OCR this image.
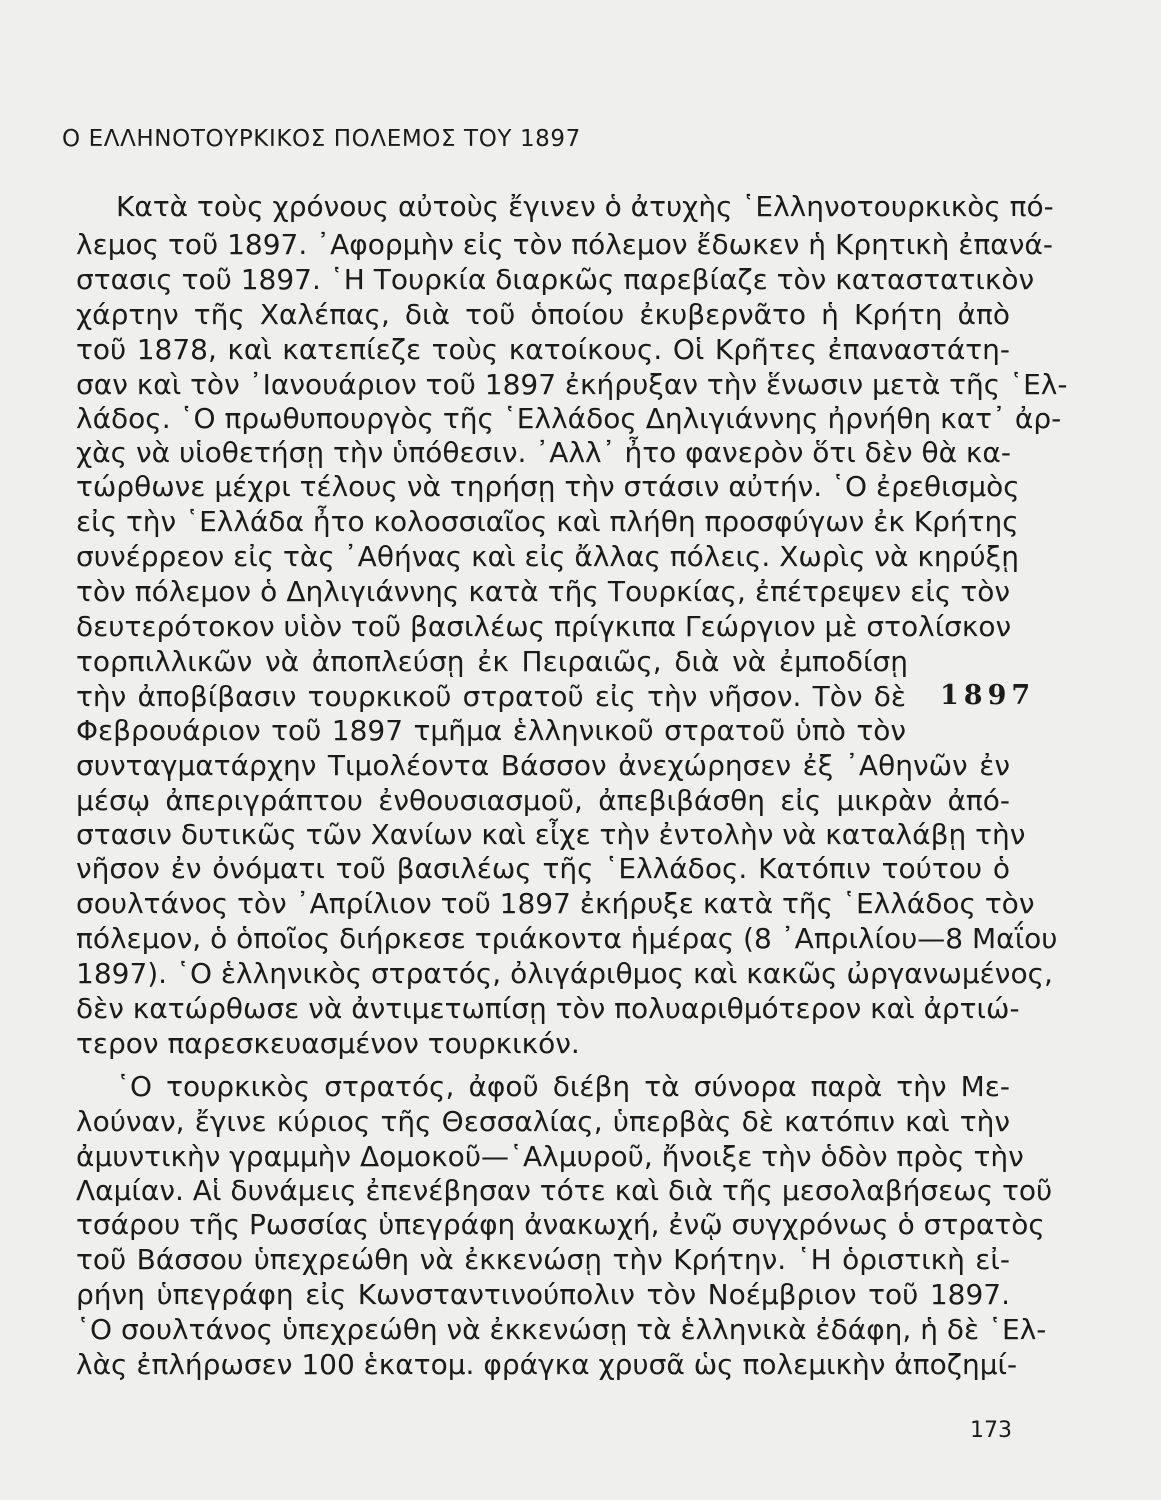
Ο ΕΛΛΗΝΟΤΟΥΡΚΙΚΟΣ ΠΟΛΕΜΟΣ ΤΟΥ 1897
Κατὰ τοὺς χρόνους αὐτοὺς ἔγινεν ὁ ἀτυχὴς ῾Ελληνοτουρκικὸς πό-
λεμος τοῦ 1897. ᾿Αφορμὴν εἰς τὸν πόλεμον ἔδωκεν ἡ Κρητικὴ ἐπανά-
στασις τοῦ 1897. ῾Η Τουρκία διαρκῶς παρεβίαζε τὸν καταστατικὸν
χάρτην τῆς Χαλέπας, διὰ τοῦ ὁποίου ἐκυβερνᾶτο ἡ Κρήτη ἀπὸ
τοῦ 1878, καὶ κατεπίεζε τοὺς κατοίκους. Οἱ Κρῆτες ἐπαναστάτη-
σαν καὶ τὸν ᾿Ιανουάριον τοῦ 1897 ἐκήρυξαν τὴν ἕνωσιν μετὰ τῆς ῾Ελ-
λάδος. ῾Ο πρωθυπουργὸς τῆς ῾Ελλάδος Δηλιγιάννης ἠρνήθη κατ᾿ ἀρ-
χὰς νὰ υἱοθετήσῃ τὴν ὑπόθεσιν. ᾿Αλλ᾿ ἦτο φανερὸν ὅτι δὲν θὰ κα-
τώρθωνε μέχρι τέλους νὰ τηρήσῃ τὴν στάσιν αὐτήν. ῾Ο ἐρεθισμὸς
εἰς τὴν ῾Ελλάδα ἦτο κολοσσιαῖος καὶ πλήθη προσφύγων ἐκ Κρήτης
συνέρρεον εἰς τὰς ᾿Αθήνας καὶ εἰς ἄλλας πόλεις. Χωρὶς νὰ κηρύξῃ
τὸν πόλεμον ὁ Δηλιγιάννης κατὰ τῆς Τουρκίας, ἐπέτρεψεν εἰς τὸν
δευτερότοκον υἱὸν τοῦ βασιλέως πρίγκιπα Γεώργιον μὲ στολίσκον
τορπιλλικῶν νὰ ἀποπλεύσῃ ἐκ Πειραιῶς, διὰ νὰ ἐμποδίσῃ
τὴν ἀποβίβασιν τουρκικοῦ στρατοῦ εἰς τὴν νῆσον. Τὸν δὲ
Φεβρουάριον τοῦ 1897 τμῆμα ἑλληνικοῦ στρατοῦ ὑπὸ τὸν
συνταγματάρχην Τιμολέοντα Βάσσον ἀνεχώρησεν ἐξ ᾿Αθηνῶν ἐν
μέσῳ ἀπεριγράπτου ἐνθουσιασμοῦ, ἀπεβιβάσθη εἰς μικρὰν ἀπό-
στασιν δυτικῶς τῶν Χανίων καὶ εἶχε τὴν ἐντολὴν νὰ καταλάβῃ τὴν
νῆσον ἐν ὀνόματι τοῦ βασιλέως τῆς ῾Ελλάδος. Κατόπιν τούτου ὁ
σουλτάνος τὸν ᾿Απρίλιον τοῦ 1897 ἐκήρυξε κατὰ τῆς ῾Ελλάδος τὸν
πόλεμον, ὁ ὁποῖος διήρκεσε τριάκοντα ἡμέρας (8 ᾿Απριλίου—8 Μαΐου
1897). ῾Ο ἑλληνικὸς στρατός, ὀλιγάριθμος καὶ κακῶς ὠργανωμένος,
δὲν κατώρθωσε νὰ ἀντιμετωπίσῃ τὸν πολυαριθμότερον καὶ ἀρτιώ-
τερον παρεσκευασμένον τουρκικόν.
῾Ο τουρκικὸς στρατός, ἀφοῦ διέβη τὰ σύνορα παρὰ τὴν Με-
λούναν, ἔγινε κύριος τῆς Θεσσαλίας, ὑπερβὰς δὲ κατόπιν καὶ τὴν
ἀμυντικὴν γραμμὴν Δομοκοῦ—῾Αλμυροῦ, ἤνοιξε τὴν ὁδὸν πρὸς τὴν
Λαμίαν. Αἱ δυνάμεις ἐπενέβησαν τότε καὶ διὰ τῆς μεσολαβήσεως τοῦ
τσάρου τῆς Ρωσσίας ὑπεγράφη ἀνακωχή, ἐνῷ συγχρόνως ὁ στρατὸς
τοῦ Βάσσου ὑπεχρεώθη νὰ ἐκκενώσῃ τὴν Κρήτην. ῾Η ὁριστικὴ εἰ-
ρήνη ὑπεγράφη εἰς Κωνσταντινούπολιν τὸν Νοέμβριον τοῦ 1897.
῾Ο σουλτάνος ὑπεχρεώθη νὰ ἐκκενώσῃ τὰ ἑλληνικὰ ἐδάφη, ἡ δὲ ῾Ελ-
λὰς ἐπλήρωσεν 100 ἑκατομ. φράγκα χρυσᾶ ὡς πολεμικὴν ἀποζημί-
1897
173
